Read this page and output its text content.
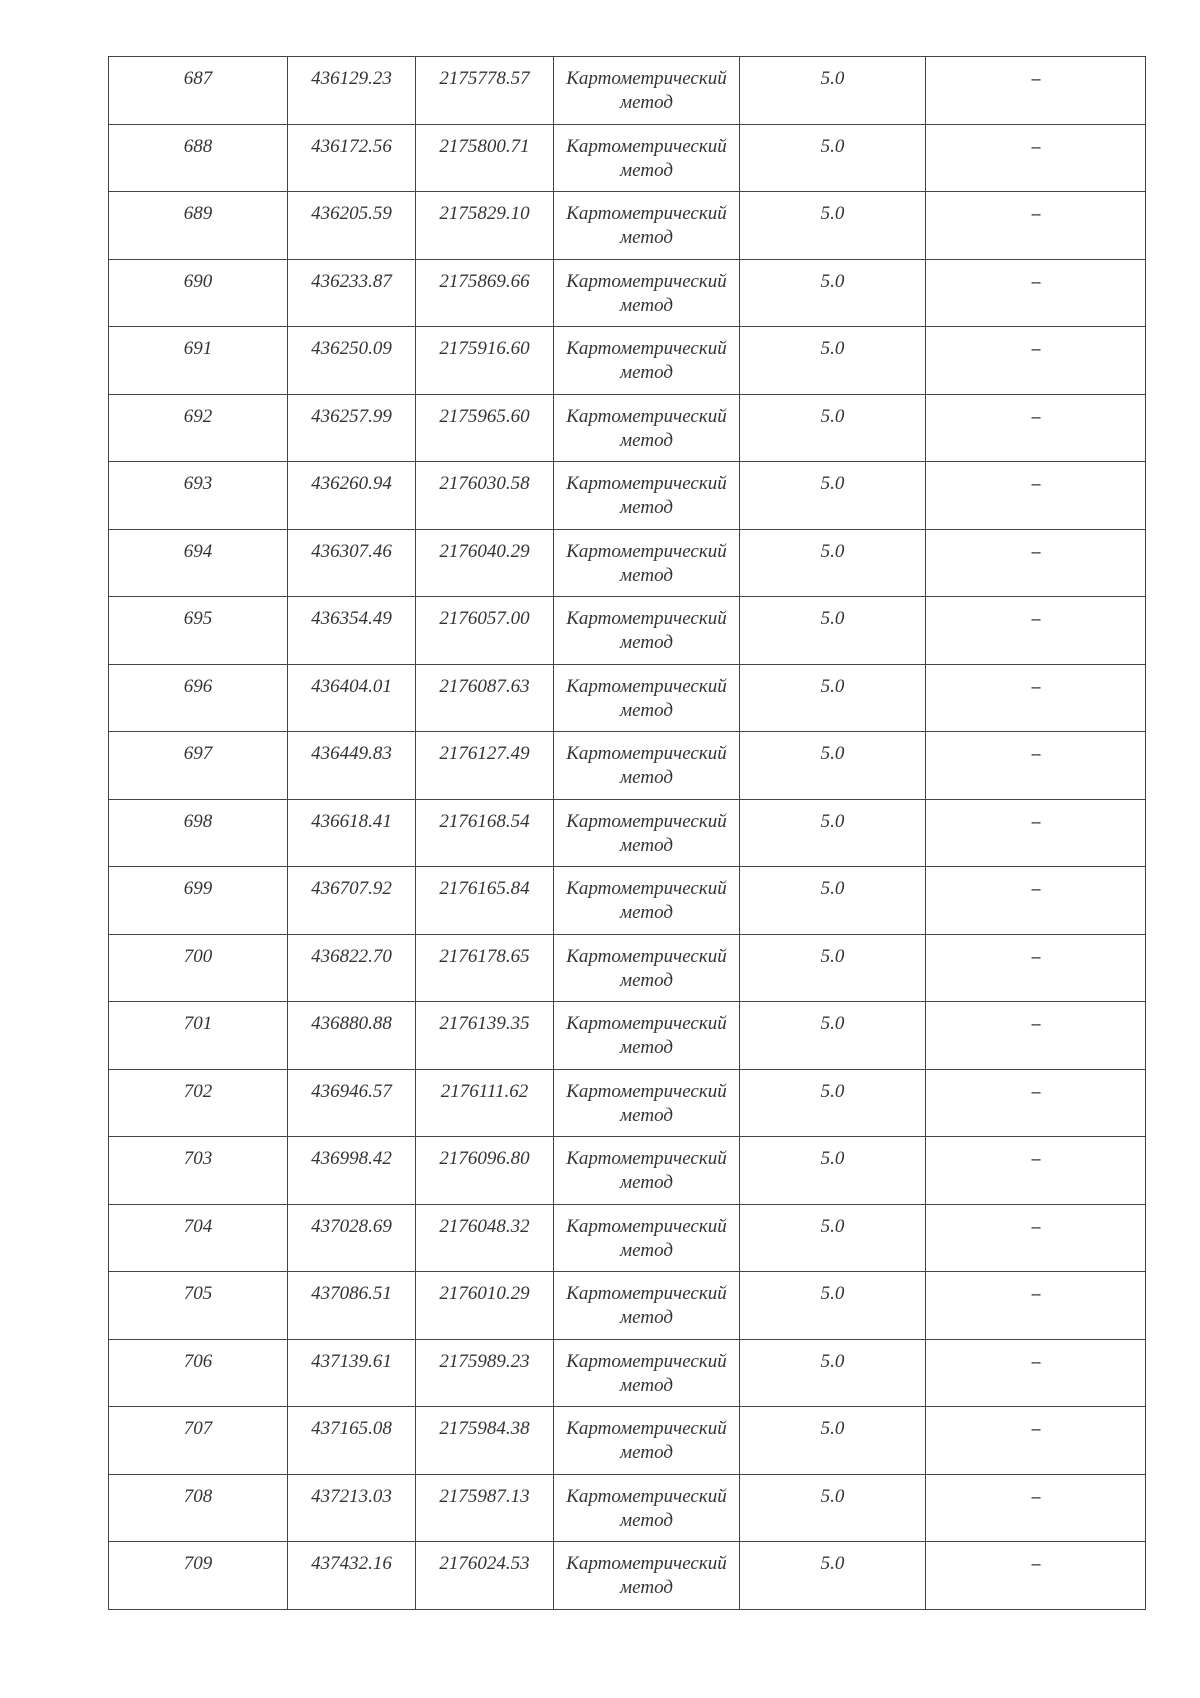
687	436129.23	2175778.57	Картометрический
метод	5.0	--

688	436172.56	2175800.71	Картометрический
метод	5.0	--

689	436205.59	2175829.10	Картометрический
метод	5.0	--

690	436233.87	2175869.66	Картометрический
метод	5.0	--

691	436250.09	2175916.60	Картометрический
метод	5.0	--

692	436257.99	2175965.60	Картометрический
метод	5.0	--

693	436260.94	2176030.58	Картометрический
метод	5.0	--

694	436307.46	2176040.29	Картометрический
метод	5.0	--

695	436354.49	2176057.00	Картометрический
метод	5.0	--

696	436404.01	2176087.63	Картометрический
метод	5.0	--

697	436449.83	2176127.49	Картометрический
метод	5.0	--

698	436618.41	2176168.54	Картометрический
метод	5.0	--

699	436707.92	2176165.84	Картометрический
метод	5.0	--

700	436822.70	2176178.65	Картометрический
метод	5.0	--

701	436880.88	2176139.35	Картометрический
метод	5.0	--

702	436946.57	2176111.62	Картометрический
метод	5.0	--

703	436998.42	2176096.80	Картометрический
метод	5.0	--

704	437028.69	2176048.32	Картометрический
метод	5.0	--

705	437086.51	2176010.29	Картометрический
метод	5.0	--

706	437139.61	2175989.23	Картометрический
метод	5.0	--

707	437165.08	2175984.38	Картометрический
метод	5.0	--

708	437213.03	2175987.13	Картометрический
метод	5.0	--

709	437432.16	2176024.53	Картометрический
метод	5.0	--
